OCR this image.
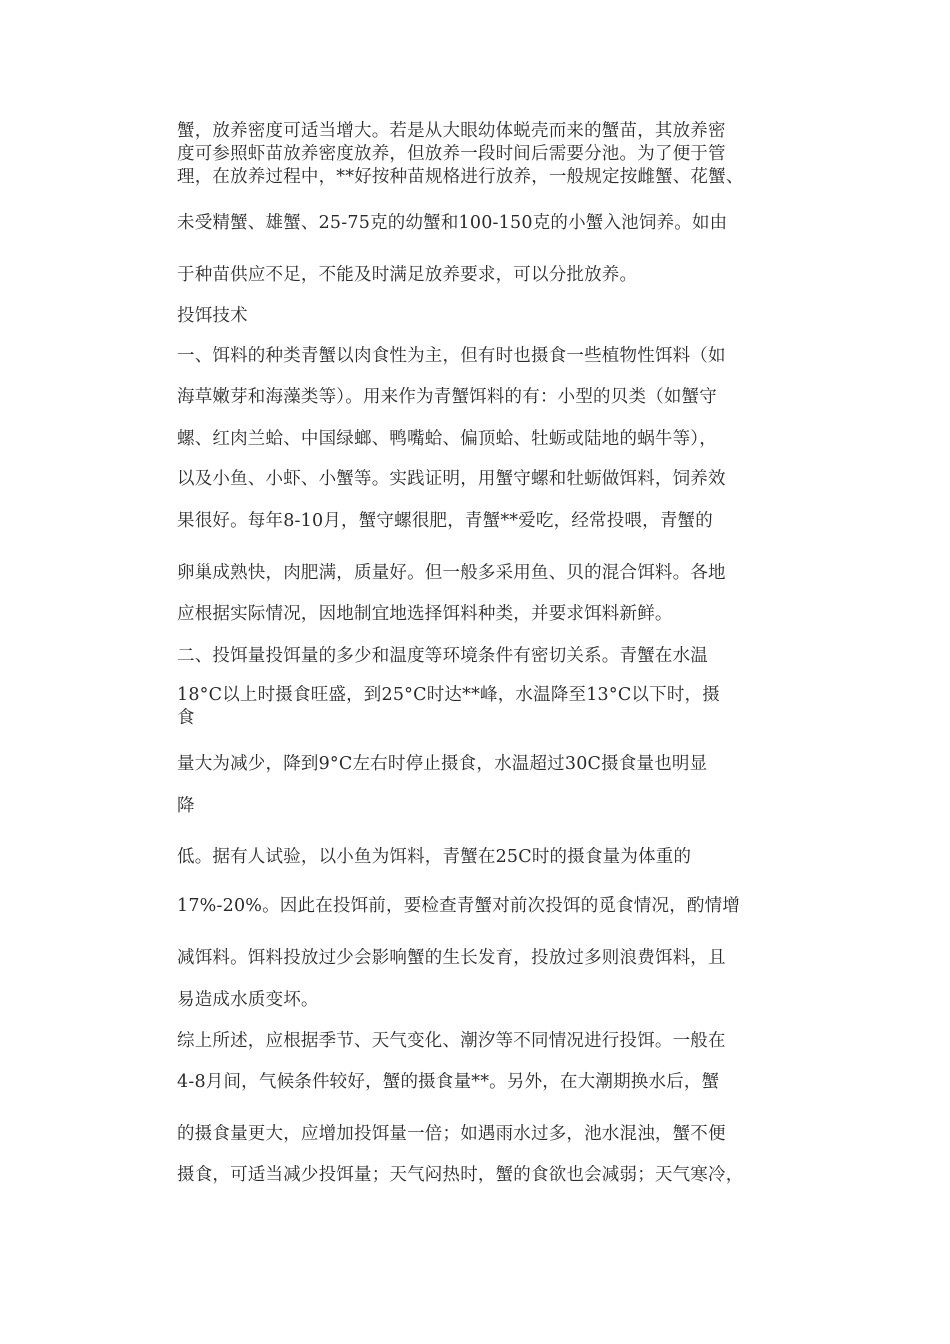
蟹，放养密度可适当增大。若是从大眼幼体蜕壳而来的蟹苗，其放养密
度可参照虾苗放养密度放养，但放养一段时间后需要分池。为了便于管
理，在放养过程中，**好按种苗规格进行放养，一般规定按雌蟹、花蟹、
未受精蟹、雄蟹、25-75克的幼蟹和100-150克的小蟹入池饲养。如由
于种苗供应不足，不能及时满足放养要求，可以分批放养。
投饵技术
一、饵料的种类青蟹以肉食性为主，但有时也摄食一些植物性饵料（如
海草嫩芽和海藻类等）。用来作为青蟹饵料的有：小型的贝类（如蟹守
螺、红肉兰蛤、中国绿螂、鸭嘴蛤、偏顶蛤、牡蛎或陆地的蜗牛等），
以及小鱼、小虾、小蟹等。实践证明，用蟹守螺和牡蛎做饵料，饲养效
果很好。每年8-10月，蟹守螺很肥，青蟹**爱吃，经常投喂，青蟹的
卵巢成熟快，肉肥满，质量好。但一般多采用鱼、贝的混合饵料。各地
应根据实际情况，因地制宜地选择饵料种类，并要求饵料新鲜。
二、投饵量投饵量的多少和温度等环境条件有密切关系。青蟹在水温
18°C以上时摄食旺盛，到25°C时达**峰，水温降至13°C以下时，摄
食
量大为减少，降到9°C左右时停止摄食，水温超过30C摄食量也明显
降
低。据有人试验，以小鱼为饵料，青蟹在25C时的摄食量为体重的
17%-20%。因此在投饵前，要检查青蟹对前次投饵的觅食情况，酌情增
减饵料。饵料投放过少会影响蟹的生长发育，投放过多则浪费饵料，且
易造成水质变坏。
综上所述，应根据季节、天气变化、潮汐等不同情况进行投饵。一般在
4-8月间，气候条件较好，蟹的摄食量**。另外，在大潮期换水后，蟹
的摄食量更大，应增加投饵量一倍；如遇雨水过多，池水混浊，蟹不便
摄食，可适当减少投饵量；天气闷热时，蟹的食欲也会减弱；天气寒冷，
